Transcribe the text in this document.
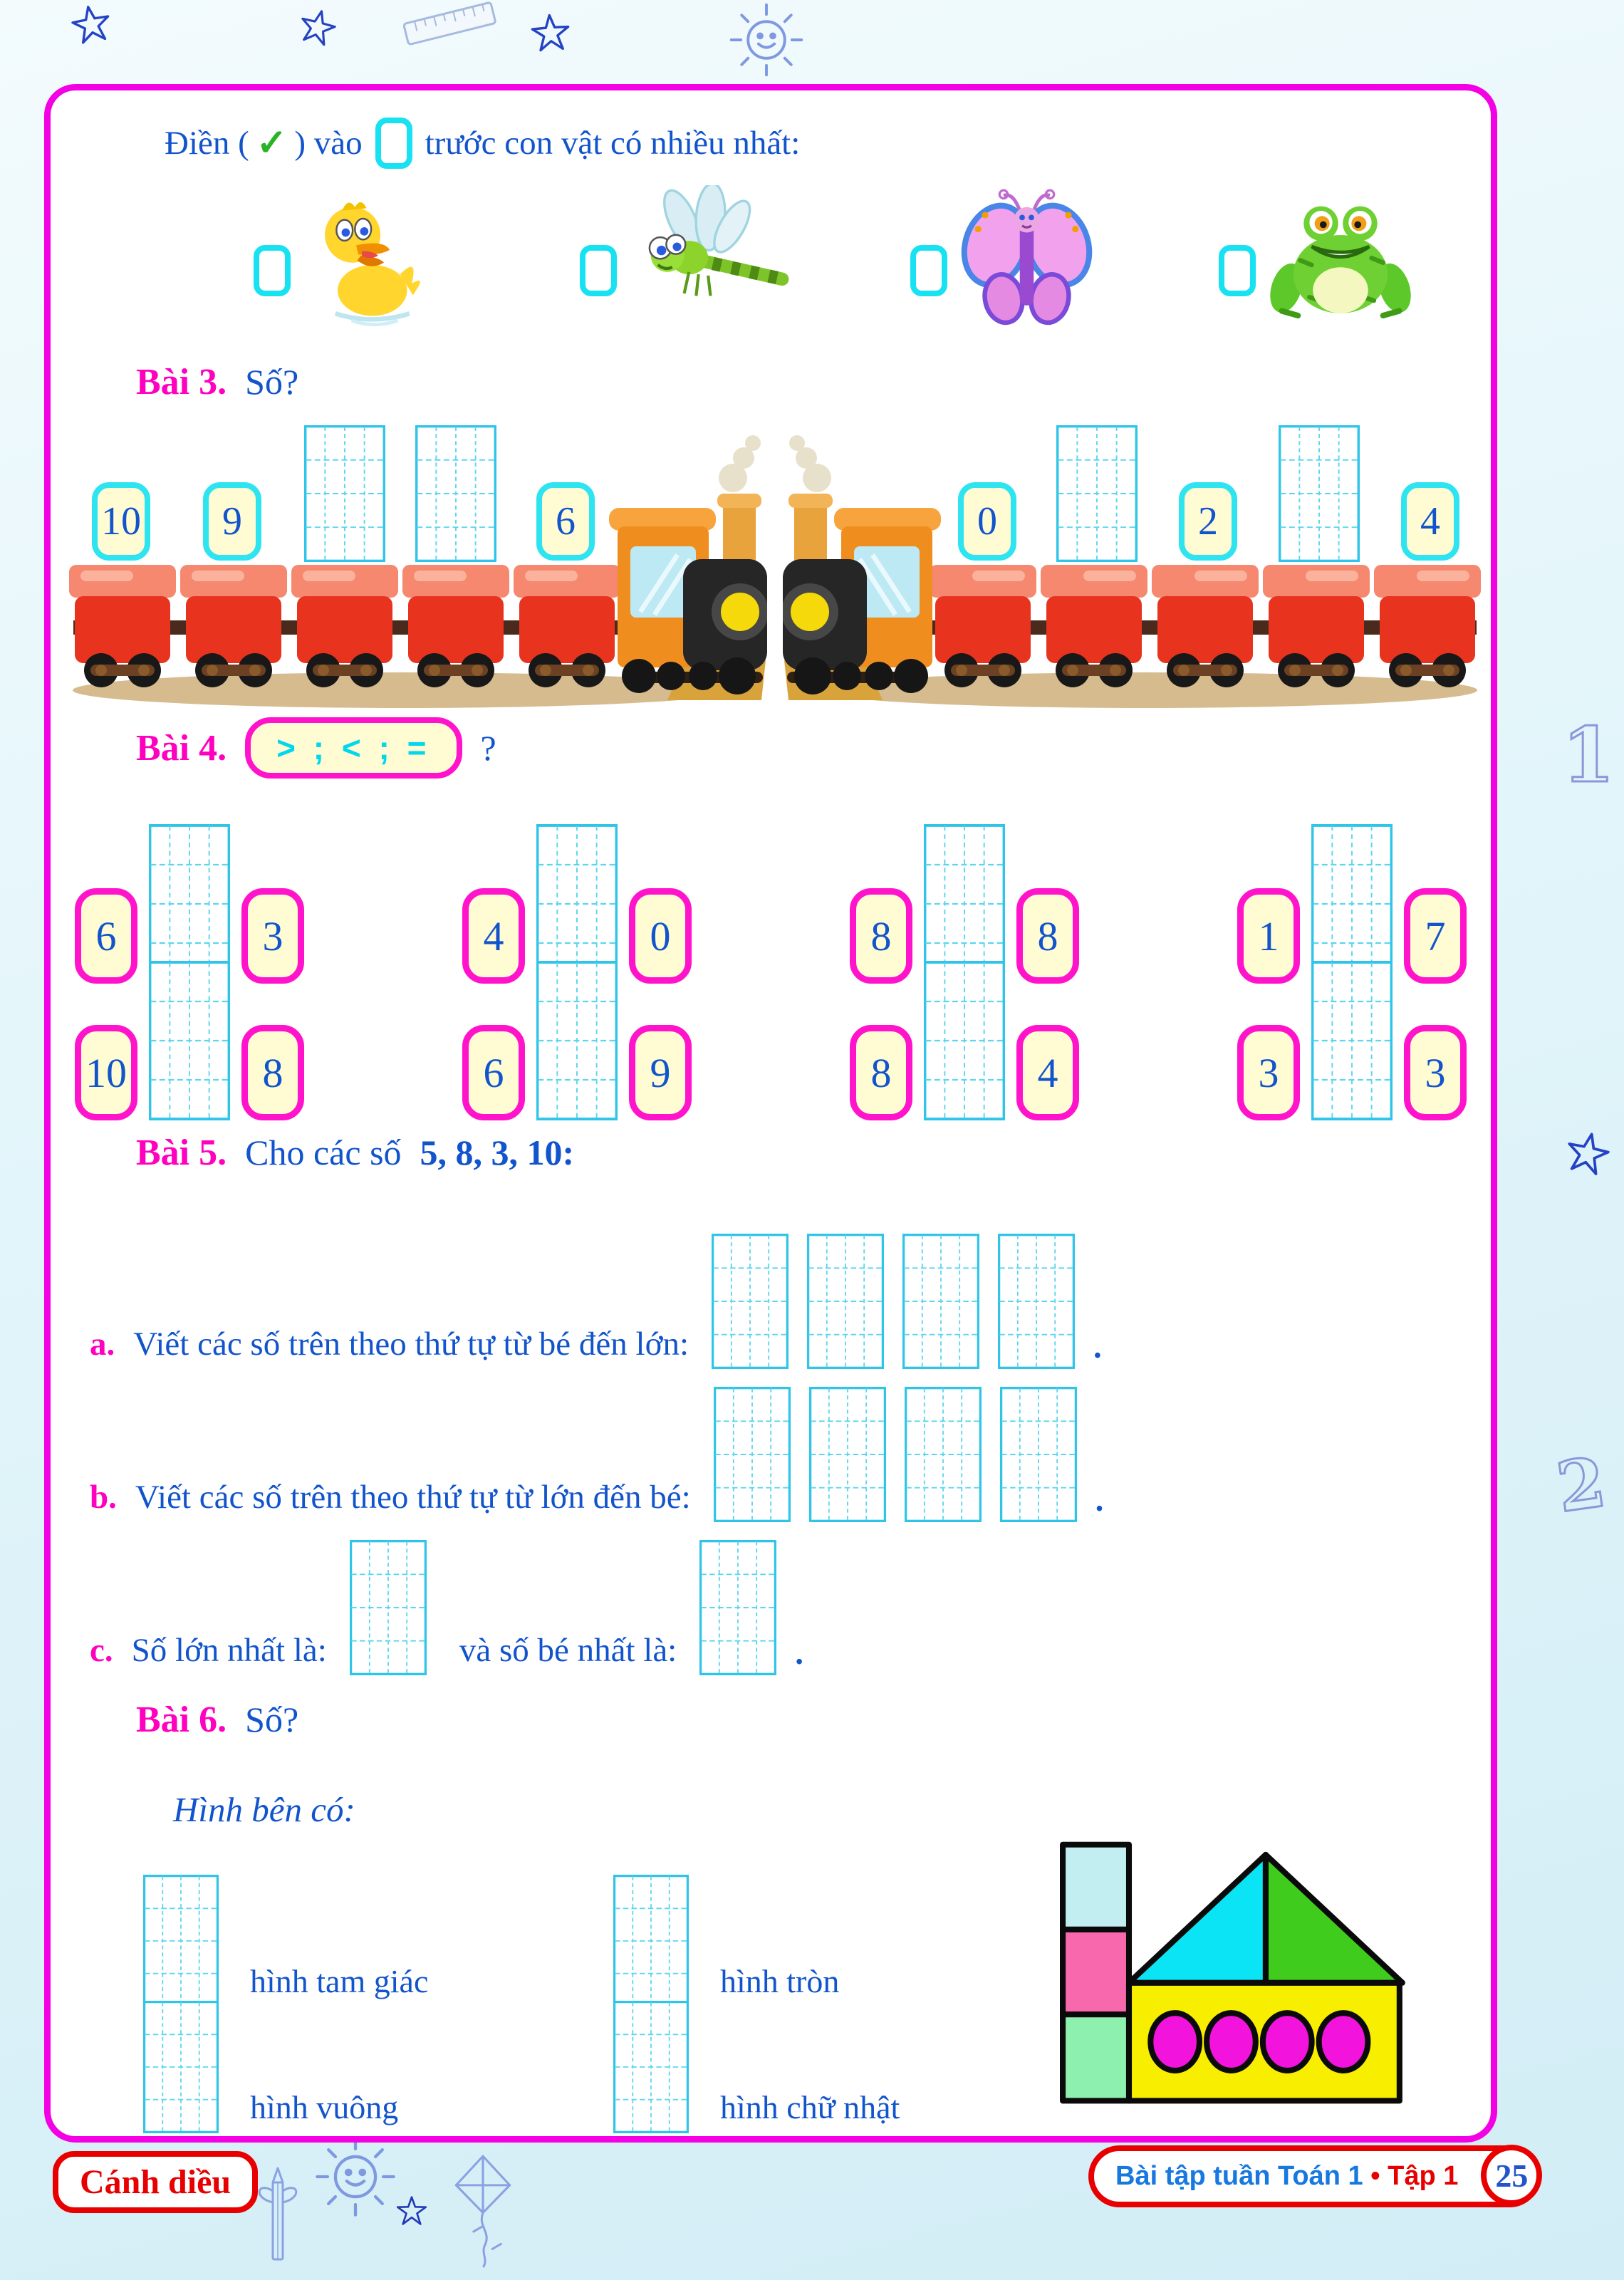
1
2
Điền ( ✓ ) vào trước con vật có nhiều nhất:
Bài 3. Số?
10 9	6	0	2	4
Bài 4. > ; < ; = ?
6	3	4	0	8	8	1	7
10	8	6	9	8	4	3	3
Bài 5. Cho các số 5, 8, 3, 10:
a. Viết các số trên theo thứ tự từ bé đến lớn:	.
b. Viết các số trên theo thứ tự từ lớn đến bé:	.
c. Số lớn nhất là:	và số bé nhất là:	.
Bài 6. Số?
Hình bên có:
hình tam giác	hình tròn
hình vuông	hình chữ nhật
Cánh diều	Bài tập tuần Toán 1 • Tập 1 25
